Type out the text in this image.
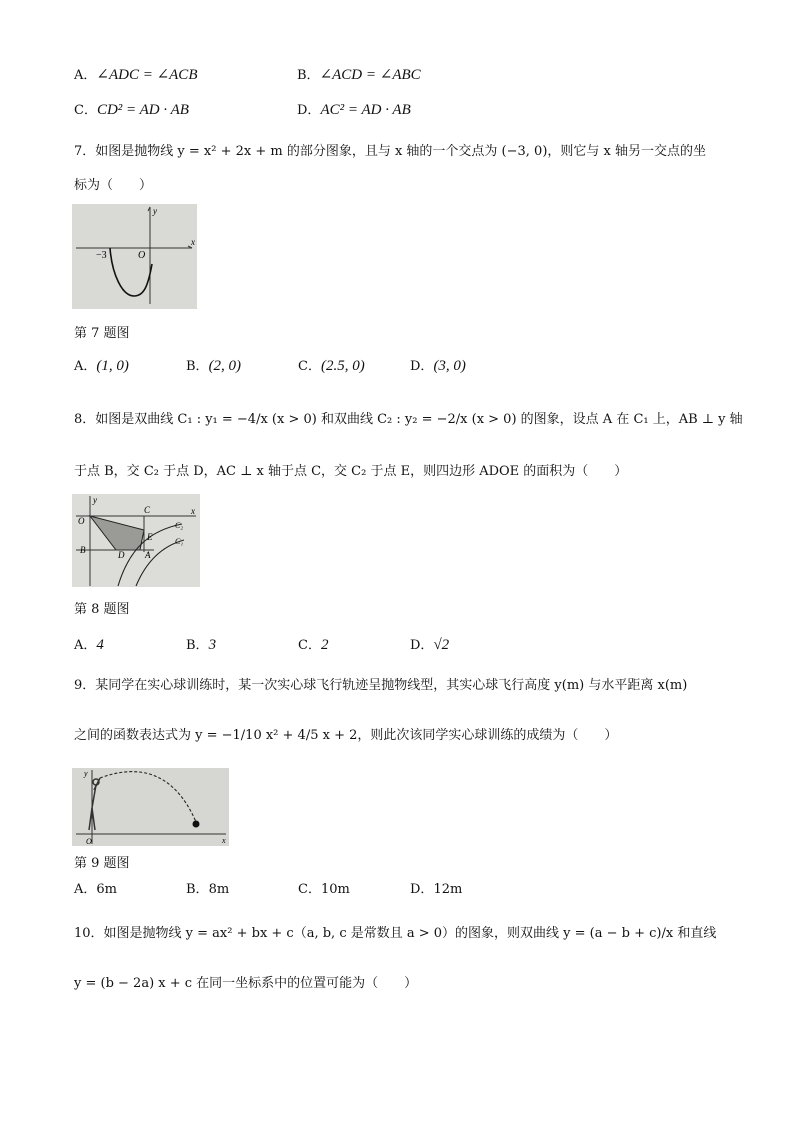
A．∠ADC = ∠ACB	B．∠ACD = ∠ABC
C．CD² = AD · AB	D．AC² = AD · AB
7．如图是抛物线 y = x² + 2x + m 的部分图象，且与 x 轴的一个交点为 (−3, 0)，则它与 x 轴另一交点的坐
标为（　　）
−3	O
x
y
第 7 题图
A．(1, 0)	B．(2, 0)	C．(2.5, 0)	D．(3, 0)
8．如图是双曲线 C₁ : y₁ = −4/x (x > 0) 和双曲线 C₂ : y₂ = −2/x (x > 0) 的图象，设点 A 在 C₁ 上，AB ⊥ y 轴
于点 B，交 C₂ 于点 D，AC ⊥ x 轴于点 C，交 C₂ 于点 E，则四边形 ADOE 的面积为（　　）
O
y
x
C
B	D
E
A
C₂
C₁
第 8 题图
A．4	B．3	C．2	D．√2
9．某同学在实心球训练时，某一次实心球飞行轨迹呈抛物线型，其实心球飞行高度 y(m) 与水平距离 x(m)
之间的函数表达式为 y = −1/10 x² + 4/5 x + 2，则此次该同学实心球训练的成绩为（　　）
y
O	x
第 9 题图
A．6m	B．8m	C．10m	D．12m
10．如图是抛物线 y = ax² + bx + c（a, b, c 是常数且 a > 0）的图象，则双曲线 y = (a − b + c)/x 和直线
y = (b − 2a) x + c 在同一坐标系中的位置可能为（　　）
